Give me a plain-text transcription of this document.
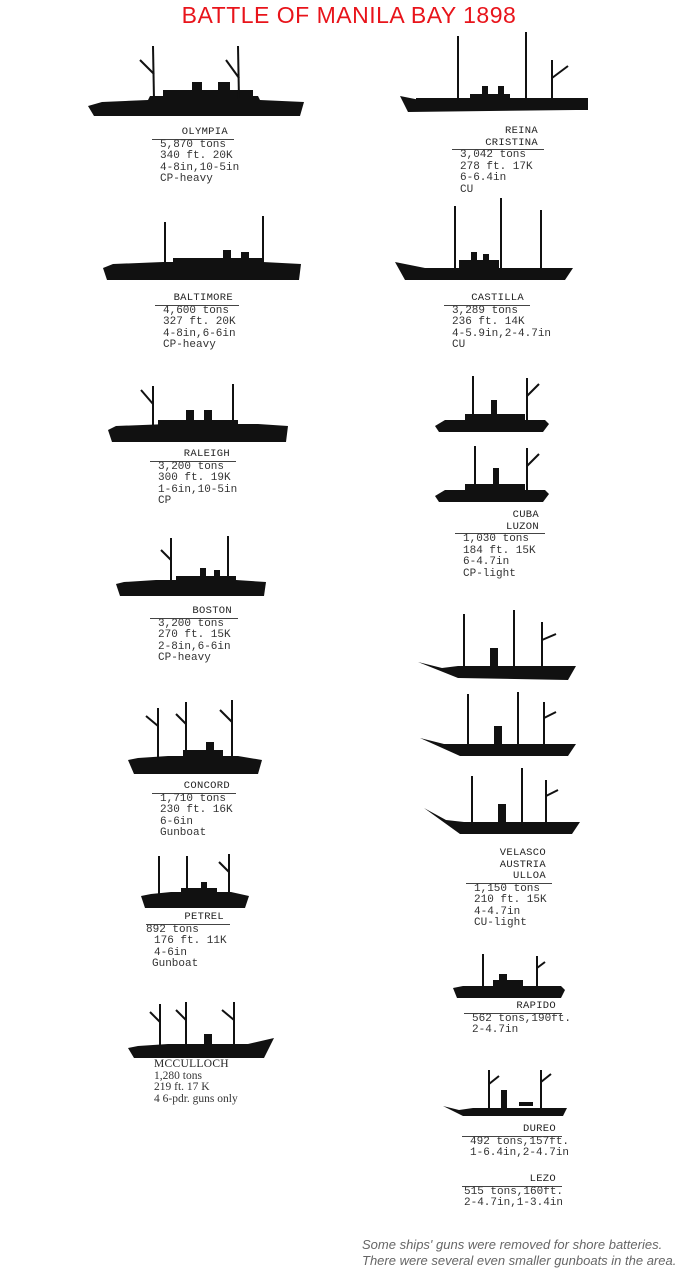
BATTLE OF MANILA BAY 1898
OLYMPIA
5,870 tons
340 ft. 20K
4-8in,10-5in
CP-heavy
BALTIMORE
4,600 tons
327 ft. 20K
4-8in,6-6in
CP-heavy
RALEIGH
3,200 tons
300 ft. 19K
1-6in,10-5in
CP
BOSTON
3,200 tons
270 ft. 15K
2-8in,6-6in
CP-heavy
CONCORD
1,710 tons
230 ft. 16K
6-6in
Gunboat
PETREL
892 tons
176 ft. 11K
4-6in
Gunboat
MCCULLOCH
1,280 tons
219 ft. 17 K
4 6-pdr. guns only
REINA CRISTINA
3,042 tons
278 ft. 17K
6-6.4in
CU
CASTILLA
3,289 tons
236 ft. 14K
4-5.9in,2-4.7in
CU
CUBA
LUZON
1,030 tons
184 ft. 15K
6-4.7in
CP-light
VELASCO
AUSTRIA
ULLOA
1,150 tons
210 ft. 15K
4-4.7in
CU-light
RAPIDO
562 tons,190ft.
2-4.7in
DUREO
492 tons,157ft.
1-6.4in,2-4.7in
LEZO
515 tons,160ft.
2-4.7in,1-3.4in
Some ships' guns were removed for shore batteries.
There were several even smaller gunboats in the area.
